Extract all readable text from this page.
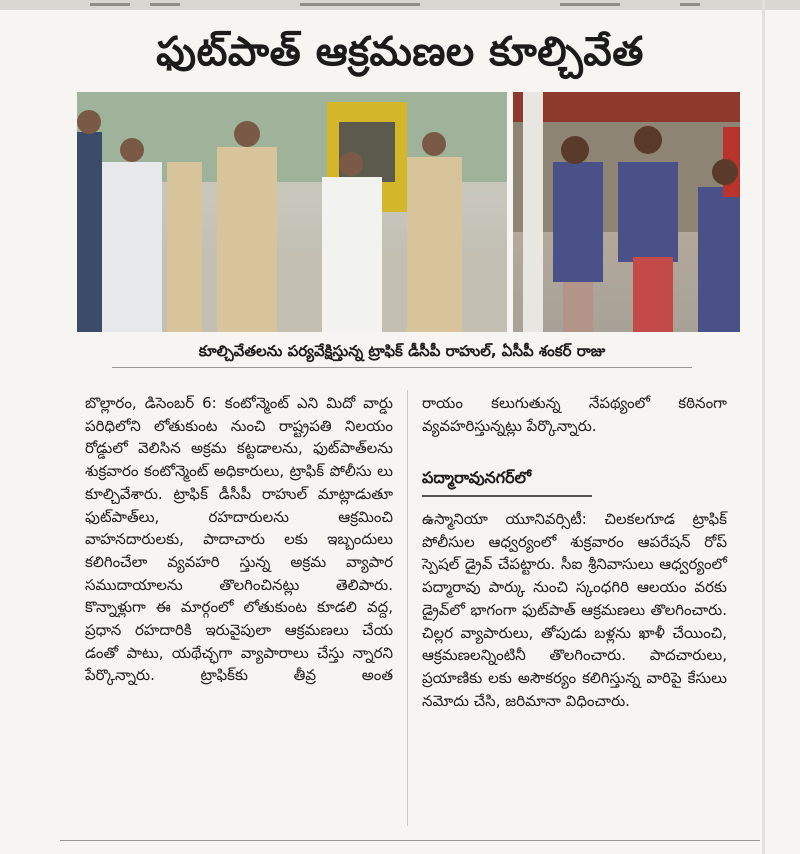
ఫుట్‌పాత్ ఆక్రమణల కూల్చివేత
కూల్చివేతలను పర్యవేక్షిస్తున్న ట్రాఫిక్ డీసీపీ రాహుల్, ఏసీపీ శంకర్ రాజు

బొల్లారం, డిసెంబర్ 6: కంటోన్మెంట్ ఎని మిదో వార్డు పరిధిలోని లోతుకుంట నుంచి రాష్ట్రపతి నిలయం రోడ్డులో వెలిసిన అక్రమ కట్టడాలను, ఫుట్‌పాత్‌లను శుక్రవారం కంటోన్మెంట్ అధికారులు, ట్రాఫిక్ పోలీసు లు కూల్చివేశారు. ట్రాఫిక్ డీసీపీ రాహుల్ మాట్లాడుతూ ఫుట్‌పాత్‌లు, రహదారులను ఆక్రమించి వాహనదారులకు, పాదాచారు లకు ఇబ్బందులు కలిగించేలా వ్యవహరి స్తున్న అక్రమ వ్యాపార సముదాయాలను తొలగించినట్లు తెలిపారు. కొన్నాళ్లుగా ఈ మార్గంలో లోతుకుంట కూడలి వద్ద, ప్రధాన రహదారికి ఇరువైపులా ఆక్రమణలు చేయ డంతో పాటు, యథేచ్ఛగా వ్యాపారాలు చేస్తు న్నారని పేర్కొన్నారు. ట్రాఫిక్‌కు తీవ్ర అంత

రాయం కలుగుతున్న నేపథ్యంలో కఠినంగా

వ్యవహరిస్తున్నట్లు పేర్కొన్నారు.
పద్మారావునగర్‌లో

ఉస్మానియా యూనివర్సిటీ: చిలకలగూడ ట్రాఫిక్ పోలీసుల ఆధ్వర్యంలో శుక్రవారం ఆపరేషన్ రోప్ స్పెషల్ డ్రైవ్ చేపట్టారు. సీఐ శ్రీనివాసులు ఆధ్వర్యంలో పద్మారావు పార్కు నుంచి స్కంధగిరి ఆలయం వరకు డ్రైవ్‌లో భాగంగా ఫుట్‌పాత్ ఆక్రమణలు తొలగించారు. చిల్లర వ్యాపారులు, తోపుడు బళ్లను ఖాళీ చేయించి, ఆక్రమణలన్నింటినీ తొలగించారు. పాదచారులు, ప్రయాణికు లకు అసౌకర్యం కలిగిస్తున్న వారిపై కేసులు

నమోదు చేసి, జరిమానా విధించారు.
